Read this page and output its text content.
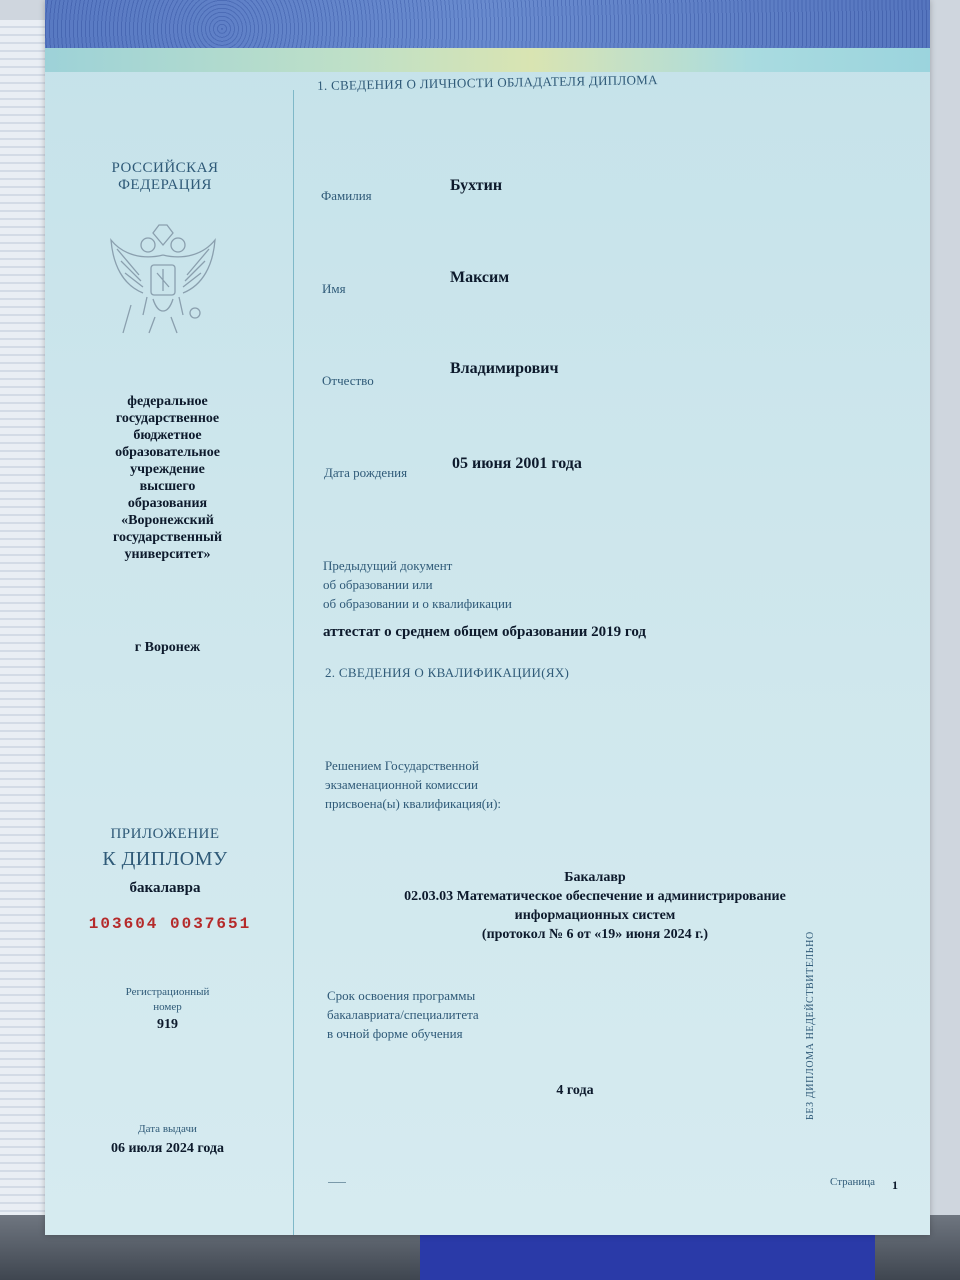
РОССИЙСКАЯ
ФЕДЕРАЦИЯ
федеральное
государственное
бюджетное
образовательное
учреждение высшего
образования
«Воронежский
государственный
университет»
г Воронеж
ПРИЛОЖЕНИЕ
К ДИПЛОМУ
бакалавра
103604 0037651
Регистрационный
номер
919
Дата выдачи
06 июля 2024 года
1. СВЕДЕНИЯ О ЛИЧНОСТИ ОБЛАДАТЕЛЯ ДИПЛОМА
Фамилия
Бухтин
Имя
Максим
Отчество
Владимирович
Дата рождения
05 июня 2001 года
Предыдущий документ
об образовании или
об образовании и о квалификации
аттестат о среднем общем образовании 2019 год
2. СВЕДЕНИЯ О КВАЛИФИКАЦИИ(ЯХ)
Решением Государственной
экзаменационной комиссии
присвоена(ы) квалификация(и):
Бакалавр
02.03.03 Математическое обеспечение и администрирование
информационных систем
(протокол № 6 от «19» июня 2024 г.)
Срок освоения программы
бакалавриата/специалитета
в очной форме обучения
4 года	БЕЗ ДИПЛОМА НЕДЕЙСТВИТЕЛЬНО
Страница 1
